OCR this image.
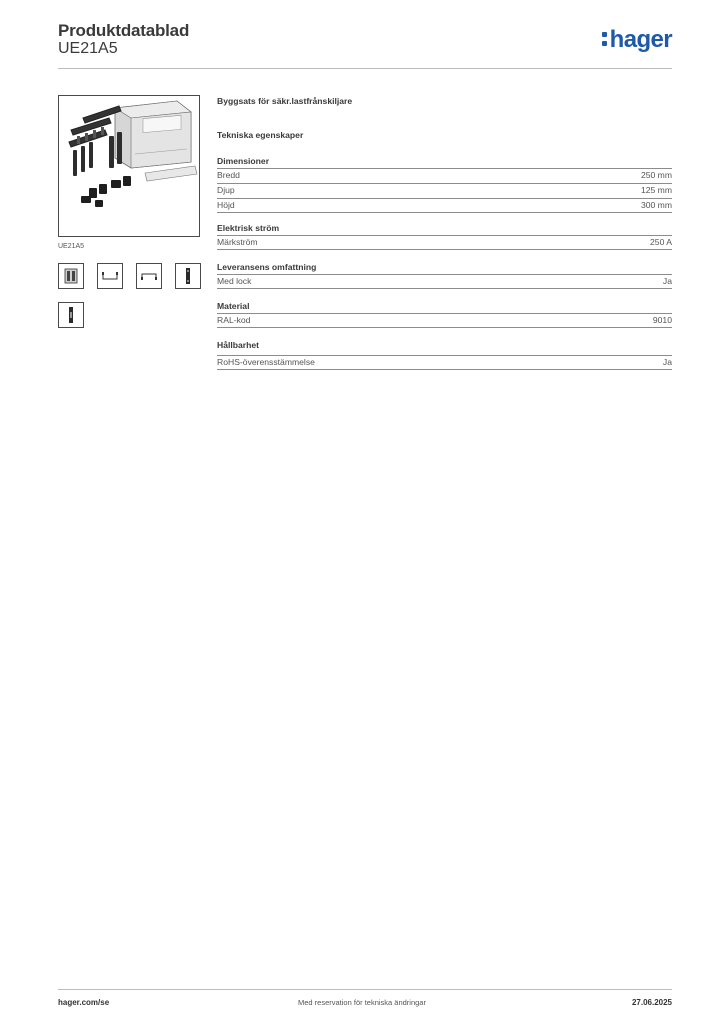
Produktdatablad
UE21A5	hager
UE21A5
Byggsats för säkr.lastfrånskiljare
Tekniska egenskaper
Dimensioner
Bredd	250 mm
Djup	125 mm
Höjd	300 mm
Elektrisk ström
Märkström	250 A
Leveransens omfattning
Med lock	Ja
Material
RAL-kod	9010
Hållbarhet
RoHS-överensstämmelse	Ja
hager.com/se	Med reservation för tekniska ändringar	27.06.2025
